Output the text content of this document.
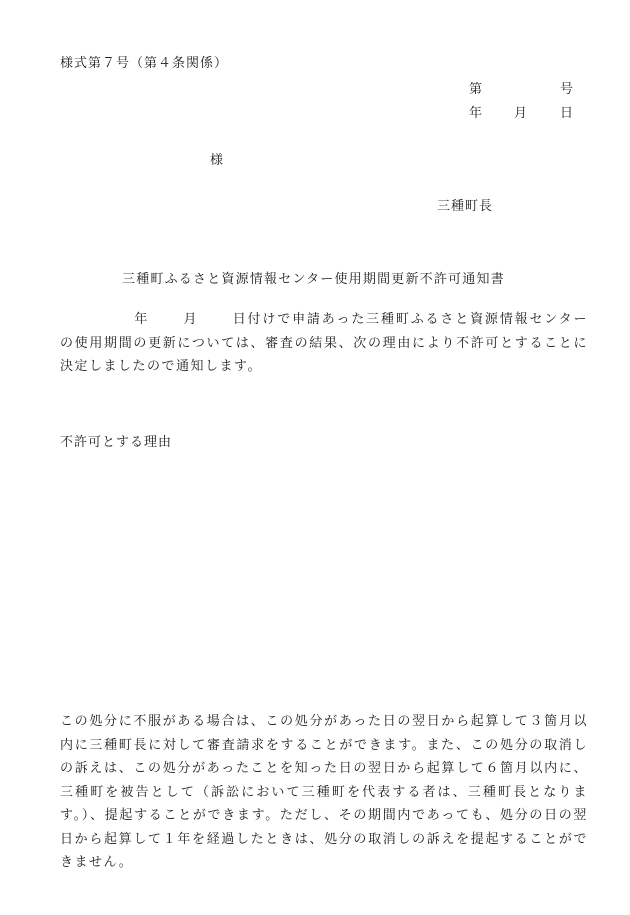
様式第７号（第４条関係）
第	号
年 月	日
様
三種町長
三種町ふるさと資源情報センター使用期間更新不許可通知書
年	月	日付けで申請あった三種町ふるさと資源情報センターの使用期間の更新については、審査の結果、次の理由により不許可とすることに決定しましたので通知します。
不許可とする理由
この処分に不服がある場合は、この処分があった日の翌日から起算して３箇月以内に三種町長に対して審査請求をすることができます。また、この処分の取消しの訴えは、この処分があったことを知った日の翌日から起算して６箇月以内に、三種町を被告として（訴訟において三種町を代表する者は、三種町長となります。）、提起することができます。ただし、その期間内であっても、処分の日の翌日から起算して１年を経過したときは、処分の取消しの訴えを提起することができません。
